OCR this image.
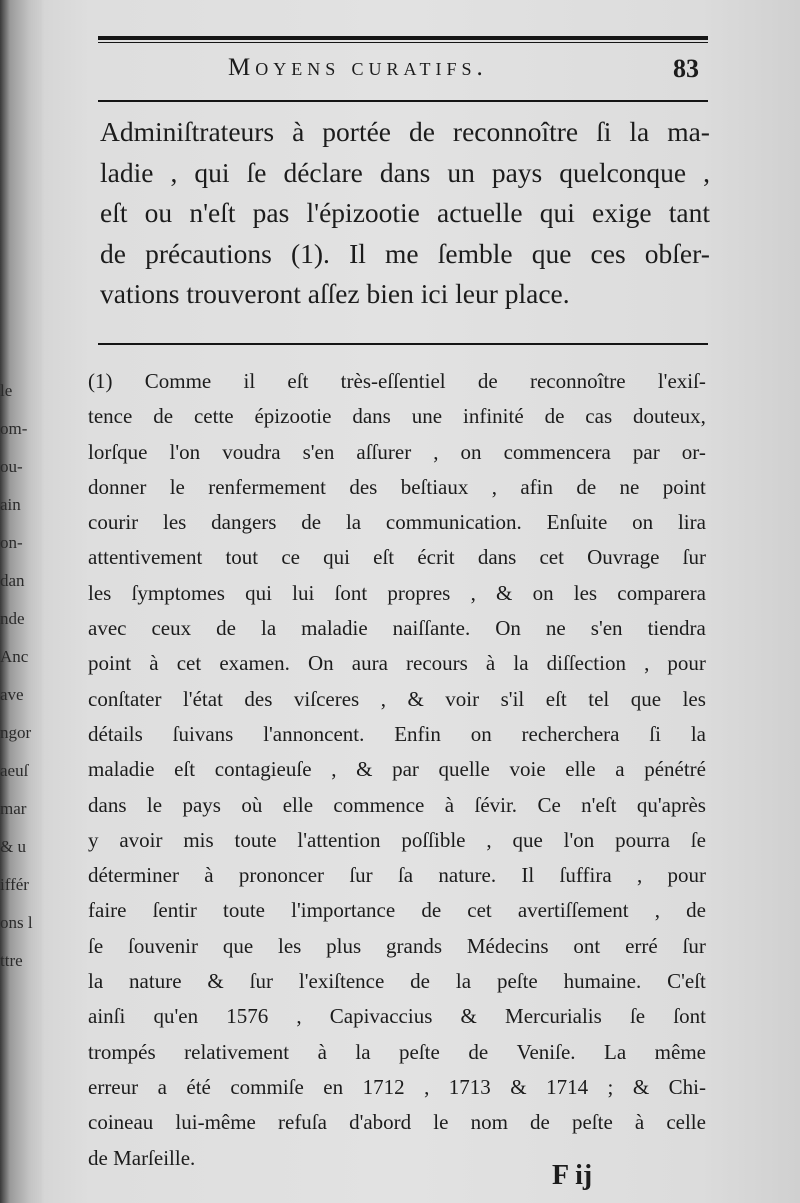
le
om-
ou-
ain
on-
dan
nde
Anc
ave
ngor
aeuſ
mar
& u
iffér
ons l
ttre
Moyens curatifs.	83
Adminiſtrateurs à portée de reconnoître ſi la ma-
ladie , qui ſe déclare dans un pays quelconque ,
eſt ou n'eſt pas l'épizootie actuelle qui exige tant
de précautions (1). Il me ſemble que ces obſer-
vations trouveront aſſez bien ici leur place.
(1) Comme il eſt très-eſſentiel de reconnoître l'exiſ-
tence de cette épizootie dans une infinité de cas douteux,
lorſque l'on voudra s'en aſſurer , on commencera par or-
donner le renfermement des beſtiaux , afin de ne point
courir les dangers de la communication. Enſuite on lira
attentivement tout ce qui eſt écrit dans cet Ouvrage ſur
les ſymptomes qui lui ſont propres , & on les comparera
avec ceux de la maladie naiſſante. On ne s'en tiendra
point à cet examen. On aura recours à la diſſection , pour
conſtater l'état des viſceres , & voir s'il eſt tel que les
détails ſuivans l'annoncent. Enfin on recherchera ſi la
maladie eſt contagieuſe , & par quelle voie elle a pénétré
dans le pays où elle commence à ſévir. Ce n'eſt qu'après
y avoir mis toute l'attention poſſible , que l'on pourra ſe
déterminer à prononcer ſur ſa nature. Il ſuffira , pour
faire ſentir toute l'importance de cet avertiſſement , de
ſe ſouvenir que les plus grands Médecins ont erré ſur
la nature & ſur l'exiſtence de la peſte humaine. C'eſt
ainſi qu'en 1576 , Capivaccius & Mercurialis ſe ſont
trompés relativement à la peſte de Veniſe. La même
erreur a été commiſe en 1712 , 1713 & 1714 ; & Chi-
coineau lui-même refuſa d'abord le nom de peſte à celle
de Marſeille.
F ij
